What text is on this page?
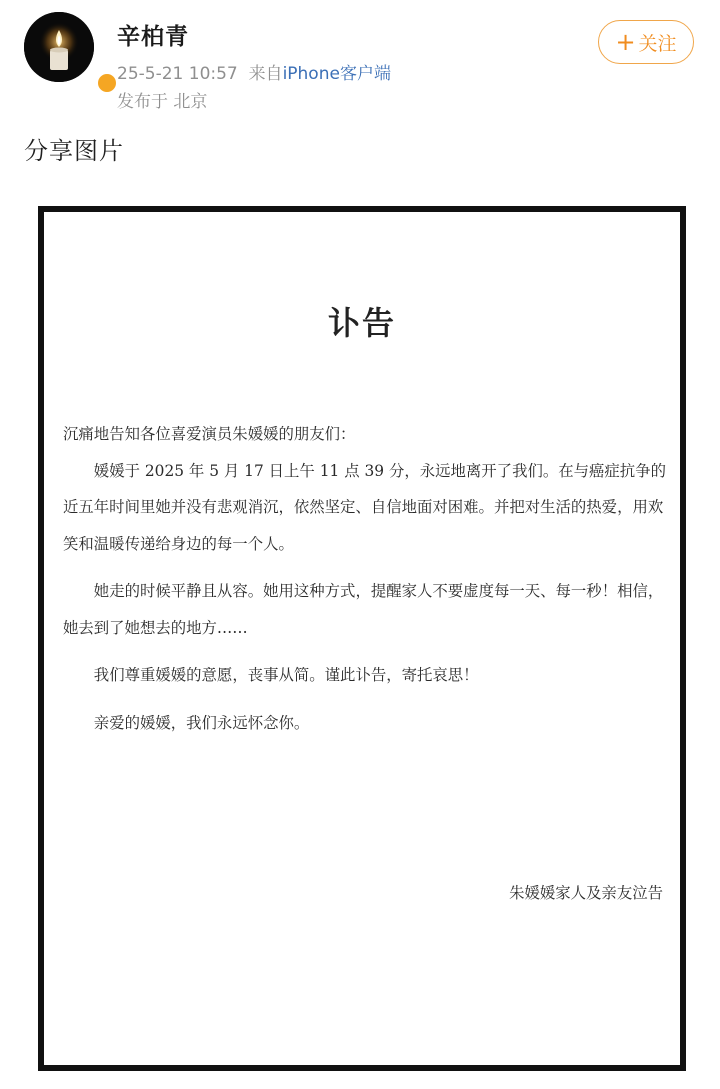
辛柏青
25-5-21 10:57 来自iPhone客户端
发布于 北京
+ 关注
分享图片
讣告

沉痛地告知各位喜爱演员朱媛媛的朋友们：

媛媛于 2025 年 5 月 17 日上午 11 点 39 分，永远地离开了我们。在与癌症抗争的近五年时间里她并没有悲观消沉，依然坚定、自信地面对困难。并把对生活的热爱，用欢笑和温暖传递给身边的每一个人。

她走的时候平静且从容。她用这种方式，提醒家人不要虚度每一天、每一秒！相信，她去到了她想去的地方……

我们尊重媛媛的意愿，丧事从简。谨此讣告，寄托哀思！

亲爱的媛媛，我们永远怀念你。

朱媛媛家人及亲友泣告
